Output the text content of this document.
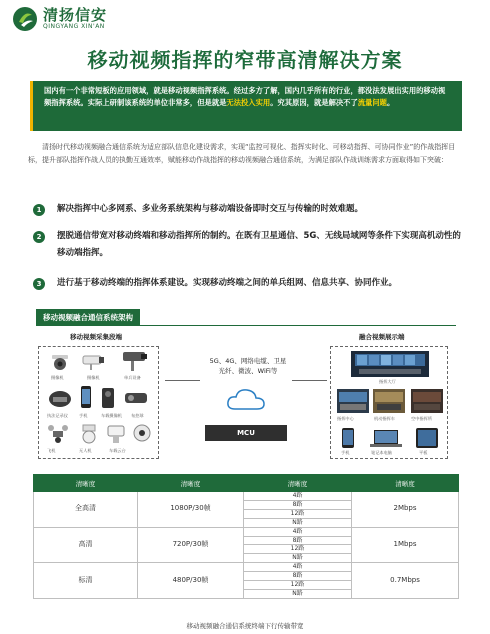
清扬信安
QINGYANG XIN'AN
移动视频指挥的窄带高清解决方案
国内有一个非常短板的应用领域，就是移动视频指挥系统。经过多方了解，国内几乎所有的行业，都没法发展出实用的移动视频指挥系统。实际上研制该系统的单位非常多，但是就是无法投入实用。究其原因，就是解决不了流量问题。
清扬时代移动视频融合通信系统为适应部队信息化建设需求，实现“监控可视化、指挥实时化、可移动指挥、可协同作业”的作战指挥目标，提升部队指挥作战人员的执勤互通效率，赋能移动作战指挥的移动视频融合通信系统，为满足部队作战训练需求方面取得如下突破：
1	解决指挥中心多网系、多业务系统架构与移动端设备即时交互与传输的时效难题。
2	摆脱通信带宽对移动终端和移动指挥所的制约。在既有卫星通信、5G、无线局域网等条件下实现高机动性的移动端指挥。
3	进行基于移动终端的指挥体系建设。实现移动终端之间的单兵组网、信息共享、协同作业。
移动视频融合通信系统架构
移动视频采集段端	融合视频展示端
摄像机	摄像机	单兵设备
执法记录仪	手机	车载摄像机 布控球
飞机	无人机	车载云台
5G、4G、网络电缆、卫星
光纤、微波、WiFi等
MCU
指挥大厅
指挥中心	机动指挥车	空中指挥所
手机	笔记本电脑	平板
清晰度	清晰度	清晰度	清晰度
全高清	1080P/30帧	4路	2Mbps
		8路	
		12路	
		N路	
高清	720P/30帧	4路	1Mbps
		8路	
		12路	
		N路	
标清	480P/30帧	4路	0.7Mbps
		8路	
		12路	
		N路	
移动视频融合通信系统终端下行传输带宽
